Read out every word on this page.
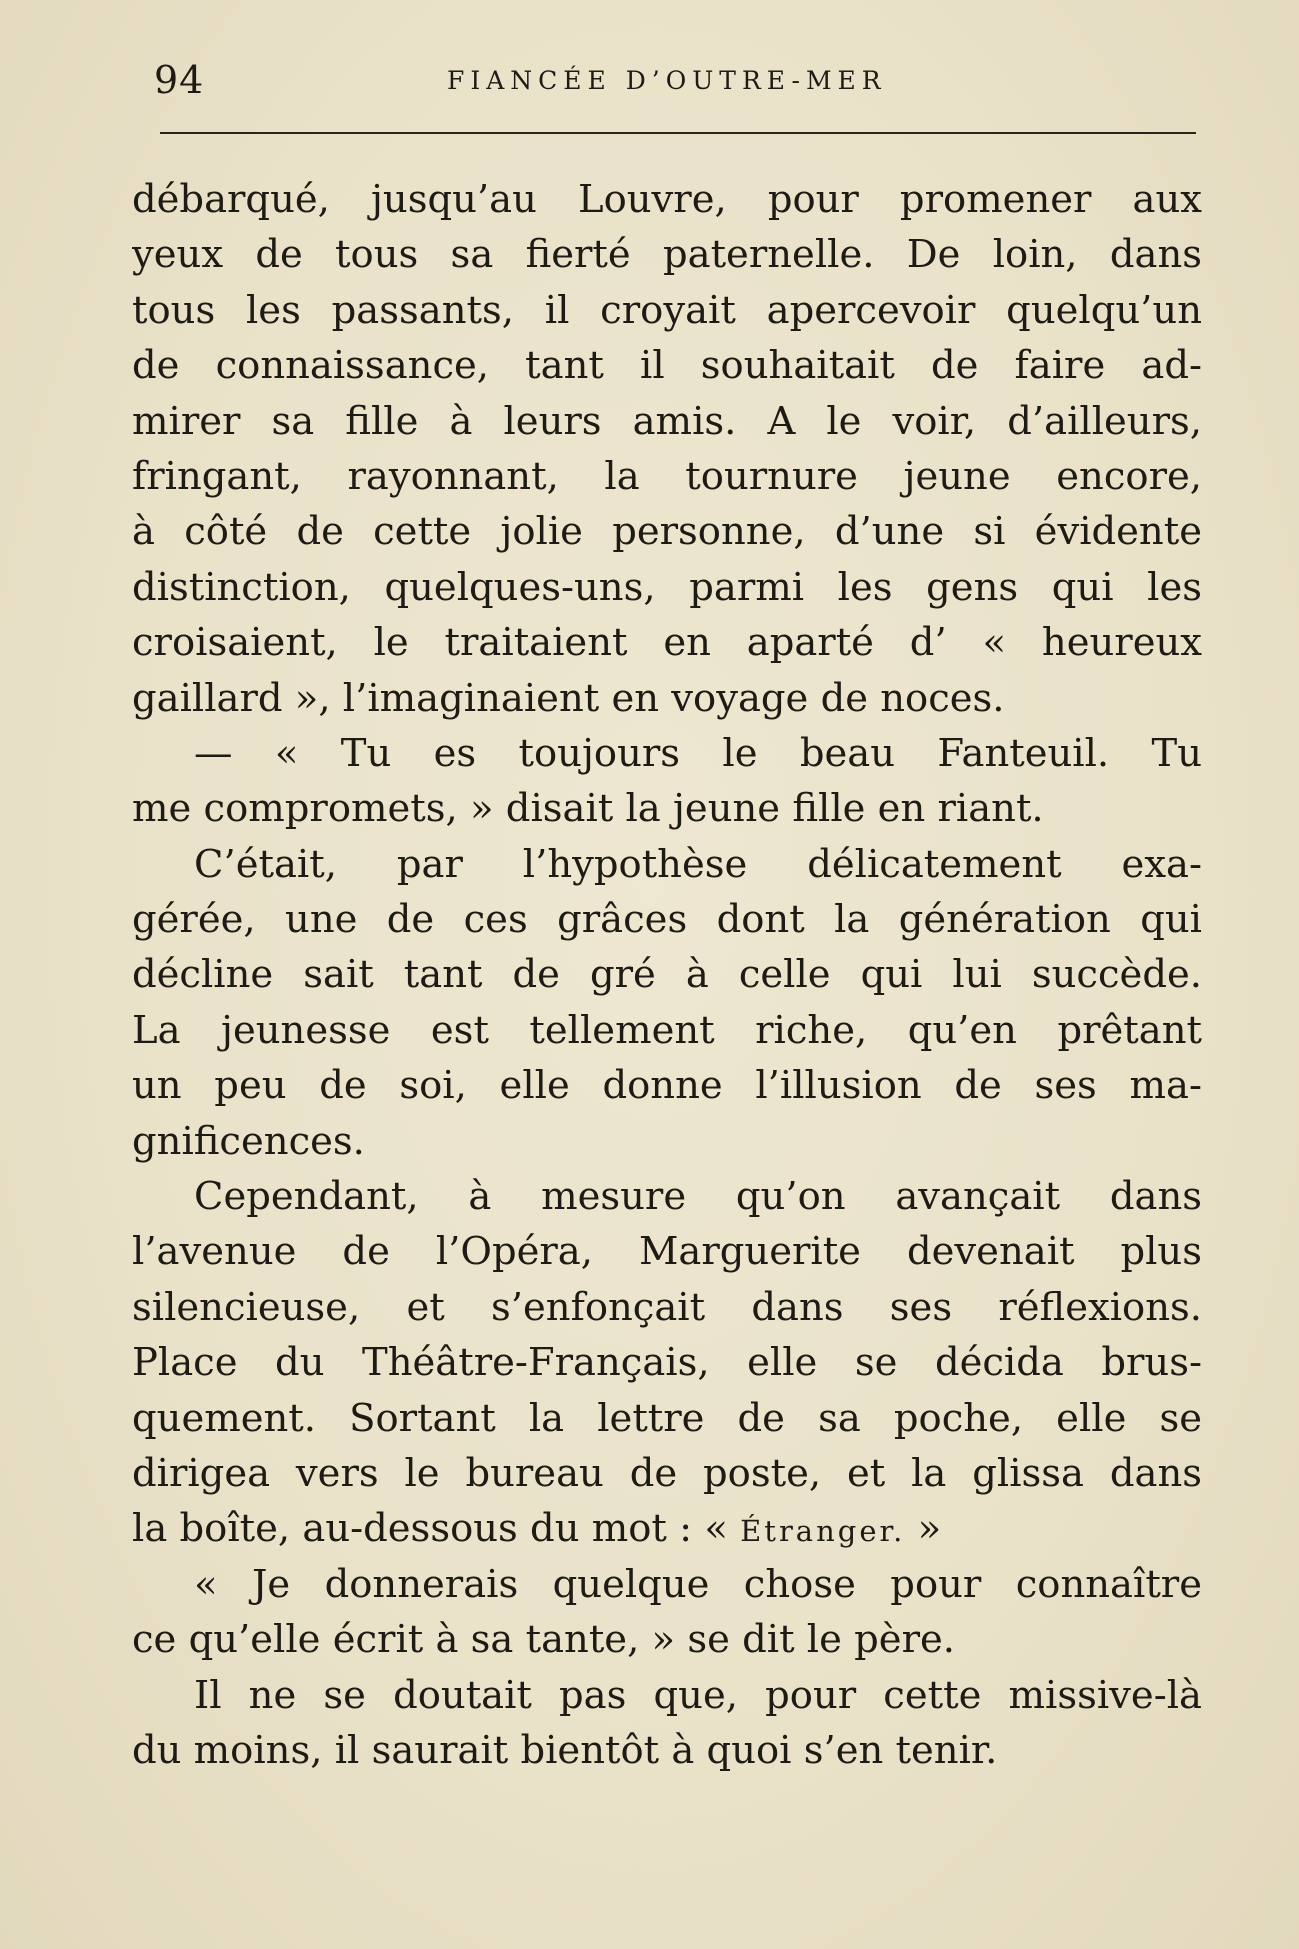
94	FIANCÉE D’OUTRE-MER
débarqué, jusqu’au Louvre, pour promener aux
yeux de tous sa fierté paternelle. De loin, dans
tous les passants, il croyait apercevoir quelqu’un
de connaissance, tant il souhaitait de faire ad-
mirer sa fille à leurs amis. A le voir, d’ailleurs,
fringant, rayonnant, la tournure jeune encore,
à côté de cette jolie personne, d’une si évidente
distinction, quelques-uns, parmi les gens qui les
croisaient, le traitaient en aparté d’ « heureux
gaillard », l’imaginaient en voyage de noces.
— « Tu es toujours le beau Fanteuil. Tu
me compromets, » disait la jeune fille en riant.
C’était, par l’hypothèse délicatement exa-
gérée, une de ces grâces dont la génération qui
décline sait tant de gré à celle qui lui succède.
La jeunesse est tellement riche, qu’en prêtant
un peu de soi, elle donne l’illusion de ses ma-
gnificences.
Cependant, à mesure qu’on avançait dans
l’avenue de l’Opéra, Marguerite devenait plus
silencieuse, et s’enfonçait dans ses réflexions.
Place du Théâtre-Français, elle se décida brus-
quement. Sortant la lettre de sa poche, elle se
dirigea vers le bureau de poste, et la glissa dans
la boîte, au-dessous du mot : « Étranger. »
« Je donnerais quelque chose pour connaître
ce qu’elle écrit à sa tante, » se dit le père.
Il ne se doutait pas que, pour cette missive-là
du moins, il saurait bientôt à quoi s’en tenir.
